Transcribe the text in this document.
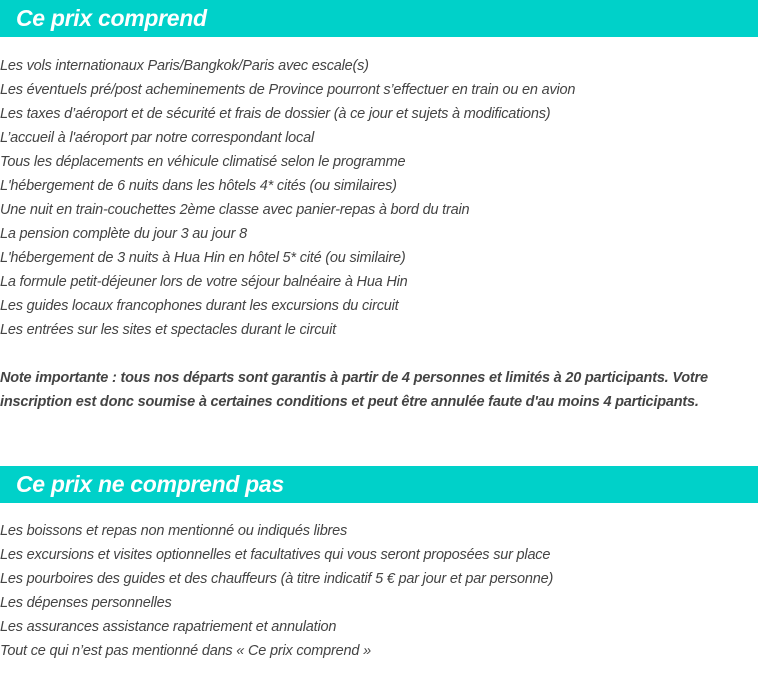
Ce prix comprend
Les vols internationaux Paris/Bangkok/Paris avec escale(s)
Les éventuels pré/post acheminements de Province pourront s’effectuer en train ou en avion
Les taxes d’aéroport et de sécurité et frais de dossier (à ce jour et sujets à modifications)
L’accueil à l'aéroport par notre correspondant local
Tous les déplacements en véhicule climatisé selon le programme
L'hébergement de 6 nuits dans les hôtels 4* cités (ou similaires)
Une nuit en train-couchettes 2ème classe avec panier-repas à bord du train
La pension complète du jour 3 au jour 8
L'hébergement de 3 nuits à Hua Hin en hôtel 5* cité (ou similaire)
La formule petit-déjeuner lors de votre séjour balnéaire à Hua Hin
Les guides locaux francophones durant les excursions du circuit
Les entrées sur les sites et spectacles durant le circuit

Note importante : tous nos départs sont garantis à partir de 4 personnes et limités à 20 participants. Votre inscription est donc soumise à certaines conditions et peut être annulée faute d'au moins 4 participants.

Ce prix ne comprend pas
Les boissons et repas non mentionné ou indiqués libres
Les excursions et visites optionnelles et facultatives qui vous seront proposées sur place
Les pourboires des guides et des chauffeurs (à titre indicatif 5 € par jour et par personne)
Les dépenses personnelles
Les assurances assistance rapatriement et annulation
Tout ce qui n’est pas mentionné dans « Ce prix comprend »
